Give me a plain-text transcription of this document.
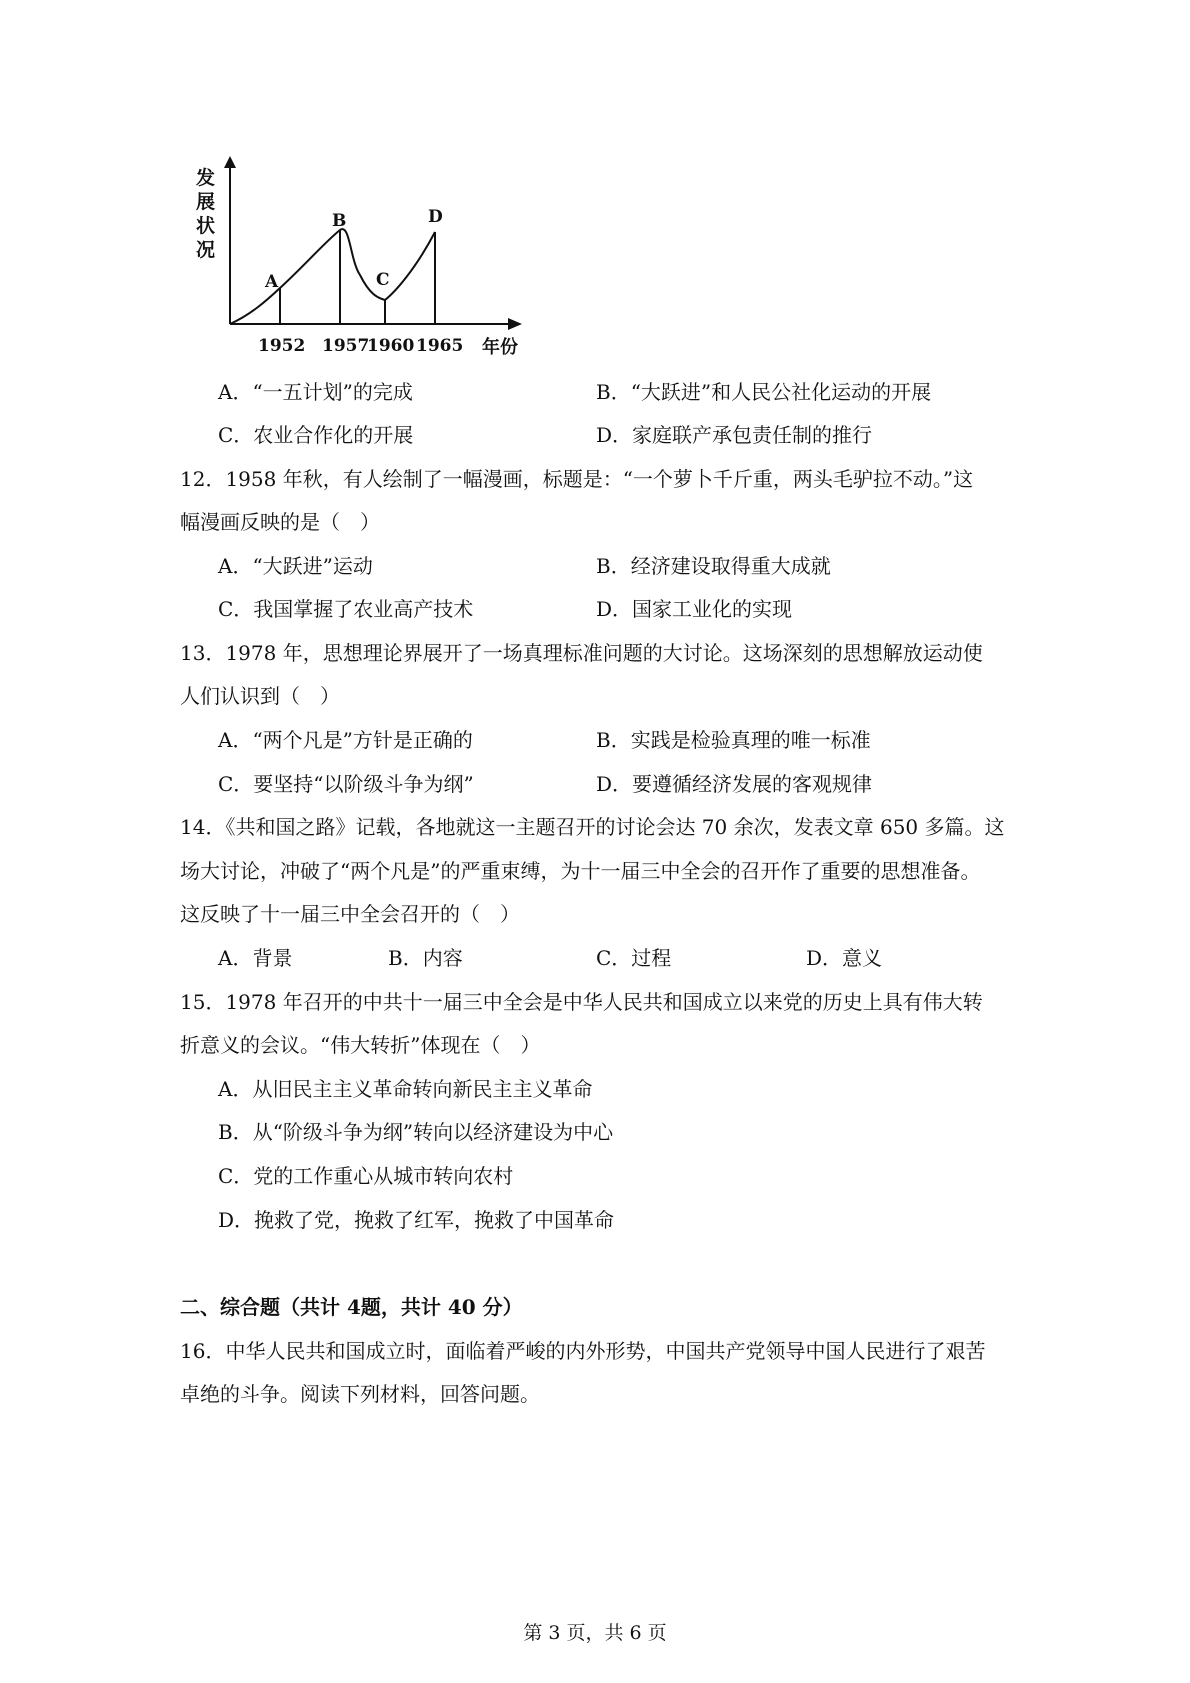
A
B
C
D
1952 1957
1960 1965 年份
发 展 状 况
A．“一五计划”的完成	B．“大跃进”和人民公社化运动的开展
C．农业合作化的开展	D．家庭联产承包责任制的推行
12．1958 年秋，有人绘制了一幅漫画，标题是：“一个萝卜千斤重，两头毛驴拉不动。”这
幅漫画反映的是（　）
A．“大跃进”运动	B．经济建设取得重大成就
C．我国掌握了农业高产技术	D．国家工业化的实现
13．1978 年，思想理论界展开了一场真理标准问题的大讨论。这场深刻的思想解放运动使
人们认识到（　）
A．“两个凡是”方针是正确的	B．实践是检验真理的唯一标准
C．要坚持“以阶级斗争为纲”	D．要遵循经济发展的客观规律
14．《共和国之路》记载，各地就这一主题召开的讨论会达 70 余次，发表文章 650 多篇。这
场大讨论，冲破了“两个凡是”的严重束缚，为十一届三中全会的召开作了重要的思想准备。
这反映了十一届三中全会召开的（　）
A．背景	B．内容	C．过程	D．意义
15．1978 年召开的中共十一届三中全会是中华人民共和国成立以来党的历史上具有伟大转
折意义的会议。“伟大转折”体现在（　）
A．从旧民主主义革命转向新民主主义革命
B．从“阶级斗争为纲”转向以经济建设为中心
C．党的工作重心从城市转向农村
D．挽救了党，挽救了红军，挽救了中国革命
二、综合题（共计 4题，共计 40 分）
16．中华人民共和国成立时，面临着严峻的内外形势，中国共产党领导中国人民进行了艰苦
卓绝的斗争。阅读下列材料，回答问题。
第 3 页，共 6 页
